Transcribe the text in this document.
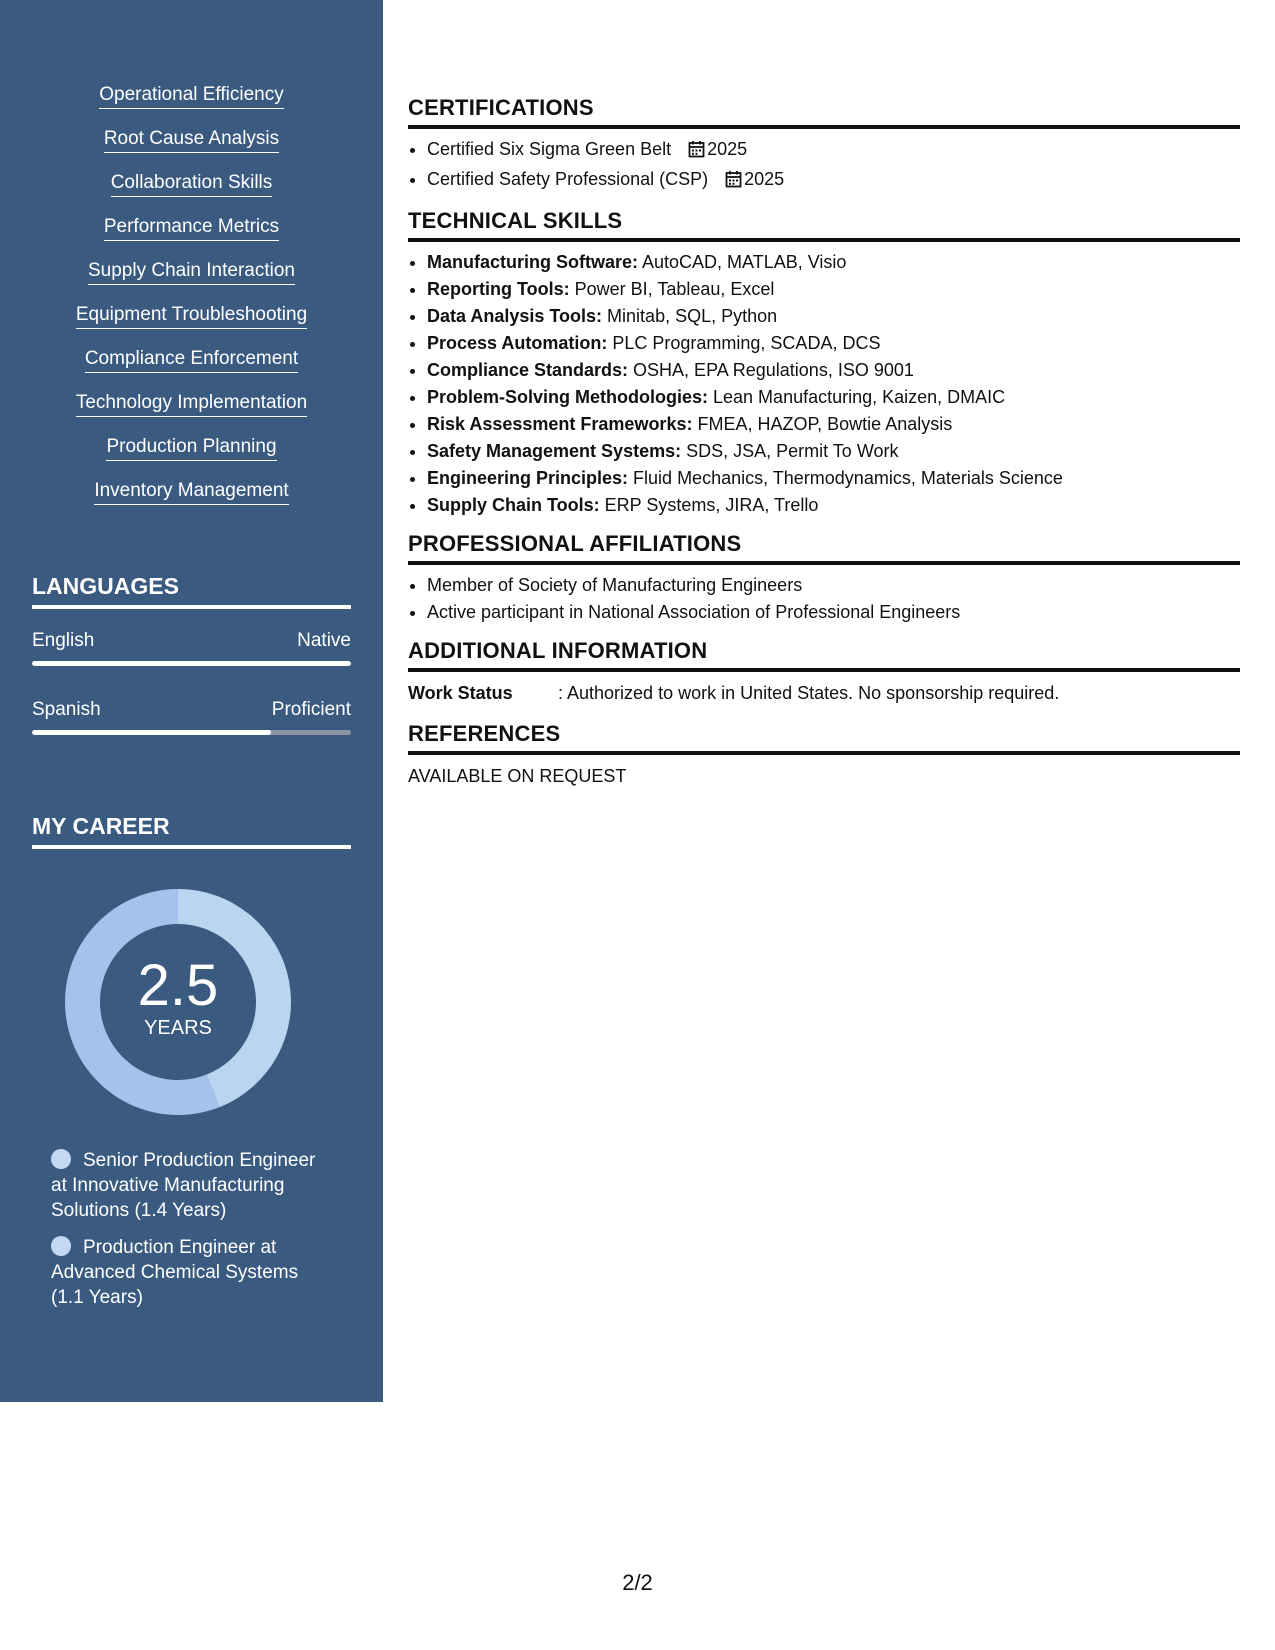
Operational Efficiency
Root Cause Analysis
Collaboration Skills
Performance Metrics
Supply Chain Interaction
Equipment Troubleshooting
Compliance Enforcement
Technology Implementation
Production Planning
Inventory Management
LANGUAGES
English	Native
Spanish	Proficient
MY CAREER
2.5
YEARS
Senior Production Engineer at Innovative Manufacturing Solutions (1.4 Years)
Production Engineer at Advanced Chemical Systems (1.1 Years)
CERTIFICATIONS
• Certified Six Sigma Green Belt 2025
• Certified Safety Professional (CSP) 2025
TECHNICAL SKILLS
• Manufacturing Software: AutoCAD, MATLAB, Visio
• Reporting Tools: Power BI, Tableau, Excel
• Data Analysis Tools: Minitab, SQL, Python
• Process Automation: PLC Programming, SCADA, DCS
• Compliance Standards: OSHA, EPA Regulations, ISO 9001
• Problem-Solving Methodologies: Lean Manufacturing, Kaizen, DMAIC
• Risk Assessment Frameworks: FMEA, HAZOP, Bowtie Analysis
• Safety Management Systems: SDS, JSA, Permit To Work
• Engineering Principles: Fluid Mechanics, Thermodynamics, Materials Science
• Supply Chain Tools: ERP Systems, JIRA, Trello
PROFESSIONAL AFFILIATIONS
• Member of Society of Manufacturing Engineers
• Active participant in National Association of Professional Engineers
ADDITIONAL INFORMATION
Work Status	: Authorized to work in United States. No sponsorship required.
REFERENCES
AVAILABLE ON REQUEST
2/2
